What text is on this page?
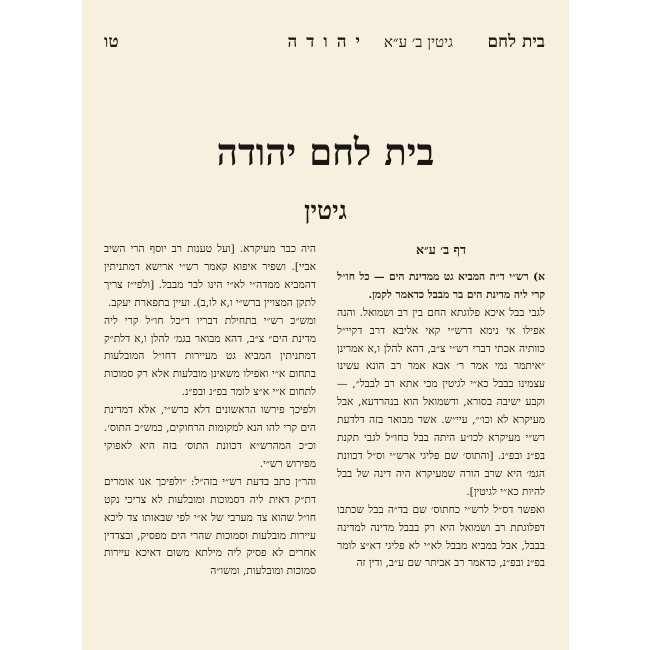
בית לחם
גיטין ב׳ ע״א
יהודה
טו
בית לחם יהודה
גיטין

דף ב׳ ע״א

א) רש״י ד״ה המביא גט ממדינת הים — כל חו״ל קרי ליה מדינת הים בר מבבל כדאמר לקמן.

לגבי בבל איכא פלוגתא החם בין רב ושמואל. והנה אפילו אי נימא דרש״י קאי אליבא דרב דקיי״ל כוותיה אכתי דברי רש״י צ״ב, דהא להלן ו,א אמרינן ״איתמר נמי אמר ר׳ אבא אמר רב הונא עשינו עצמינו בבבל כא״י לגיטין מכי אתא רב לבבל״, — וקבע ישיבה בסורא, ודשמואל הוא בנהרדעא, אבל מעיקרא לא וכו׳״, עיי״ש. אשר מבואר בזה דלדעת רש״י מעיקרא לכו״ע היתה בבל כחו״ל לגבי תקנת בפ״נ ובפ״נ. [והתוס׳ שם פליגי ארש״י וס״ל דכוונת הגמ׳ היא שרב הורה שמעיקרא היה דינה של בבל להיות כא״י לגיטין].

ואפשר דס״ל לרש״י כחתוס׳ שם בד״ה בבל שכתבו דפלוגתת רב ושמואל היא רק בבבל מדינה למדינה בבבל, אבל במביא מבבל לא״י לא פליגי דא״צ לומר בפ״נ ובפ״נ, כדאמר רב אביתר שם ע״ב, ודין זה

היה כבר מעיקרא. [ועל טענות רב יוסף הרי השיב אביי]. ושפיר איפוא קאמר רש״י ארישא דמתניתין דהמביא ממדה״י לא״י הינו לבר מבבל. [ולפי״ז צריך לתקן המצויין ברש״י ו,א לו,ב). ועיין בתפארת יעקב.

ומש״כ רש״י בתחילת דבריו ד״כל חו״ל קרי ליה מדינת הים״ צ״ב, דהא מבואר בגמ׳ להלן ו,א דלת״ק דמתניתין המביא גט מעיירות דחו״ל המובלעות בתחום א״י ואפילו משאינן מובלעות אלא רק סמוכות לתחום א״י א״צ לומר בפ״נ ובפ״נ.

ולפיכך פירשו הראשונים דלא כרש״י, אלא דמדינת הים קרי להו הנא למקומות הרחוקים, כמש״כ התוס׳. וכ״כ המהרש״א דכוונת התוס׳ בזה היא לאפוקי מפירוש רש״י.

והר״ן כתב בדעת רש״י בזה״ל: ״ולפיכך אנו אומרים דת״ק דאית ליה דסמוכות ומובלעות לא צריכי נקט חו״ל שהוא צד מערבי של א״י לפי שבאותו צד ליכא עיירות מובלעות וסמוכות שהרי הים מפסיק, ובצדדין אחרים לא פסיק ליה מילתא משום דאיכא עיירות סמוכות ומובלעות, ומשו״ה
